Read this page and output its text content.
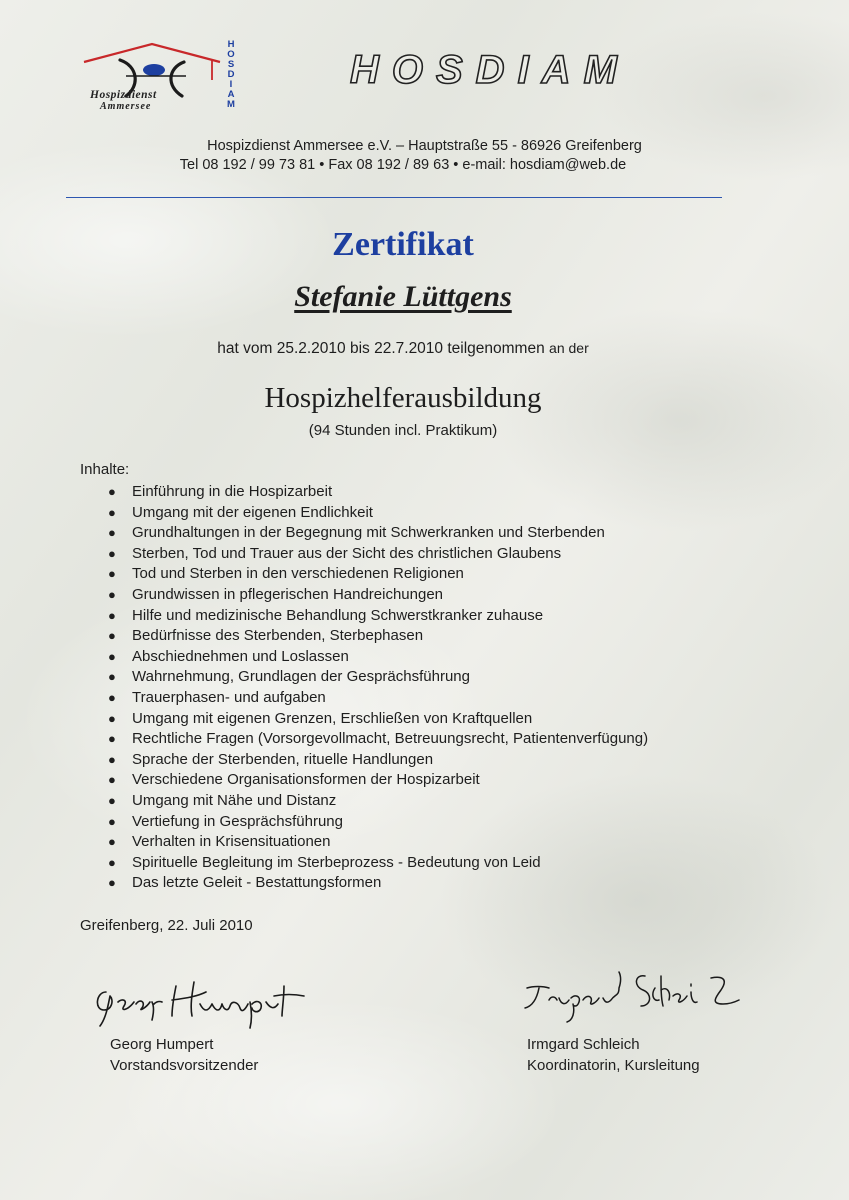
Hospizdienst
Ammersee
H
O
S
D
I
A
M
HOSDIAM
Hospizdienst Ammersee e.V. – Hauptstraße 55 - 86926 Greifenberg
Tel 08 192 / 99 73 81 • Fax 08 192 / 89 63 • e-mail: hosdiam@web.de
Zertifikat
Stefanie Lüttgens
hat vom 25.2.2010 bis 22.7.2010 teilgenommen an der
Hospizhelferausbildung
(94 Stunden incl. Praktikum)
Inhalte:
● Einführung in die Hospizarbeit
● Umgang mit der eigenen Endlichkeit
● Grundhaltungen in der Begegnung mit Schwerkranken und Sterbenden
● Sterben, Tod und Trauer aus der Sicht des christlichen Glaubens
● Tod und Sterben in den verschiedenen Religionen
● Grundwissen in pflegerischen Handreichungen
● Hilfe und medizinische Behandlung Schwerstkranker zuhause
● Bedürfnisse des Sterbenden, Sterbephasen
● Abschiednehmen und Loslassen
● Wahrnehmung, Grundlagen der Gesprächsführung
● Trauerphasen- und aufgaben
● Umgang mit eigenen Grenzen, Erschließen von Kraftquellen
● Rechtliche Fragen (Vorsorgevollmacht, Betreuungsrecht, Patientenverfügung)
● Sprache der Sterbenden, rituelle Handlungen
● Verschiedene Organisationsformen der Hospizarbeit
● Umgang mit Nähe und Distanz
● Vertiefung in Gesprächsführung
● Verhalten in Krisensituationen
● Spirituelle Begleitung im Sterbeprozess - Bedeutung von Leid
● Das letzte Geleit - Bestattungsformen
Greifenberg, 22. Juli 2010
Georg Humpert
Vorstandsvorsitzender
Irmgard Schleich
Koordinatorin, Kursleitung
